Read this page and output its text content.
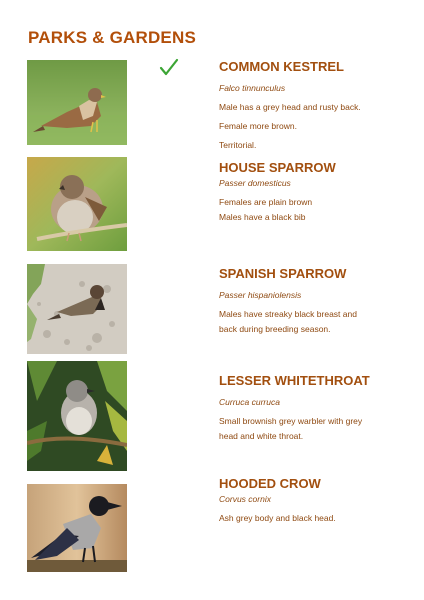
PARKS & GARDENS

COMMON KESTREL

Falco tinnunculus

Male has a grey head and rusty back.

Female more brown.

Territorial.

HOUSE SPARROW

Passer domesticus

Females are plain brown

Males have a black bib

SPANISH SPARROW

Passer hispaniolensis

Males have streaky black breast and

back during breeding season.

LESSER WHITETHROAT

Curruca curruca

Small brownish grey warbler with grey

head and white throat.

HOODED CROW

Corvus cornix

Ash grey body and black head.
